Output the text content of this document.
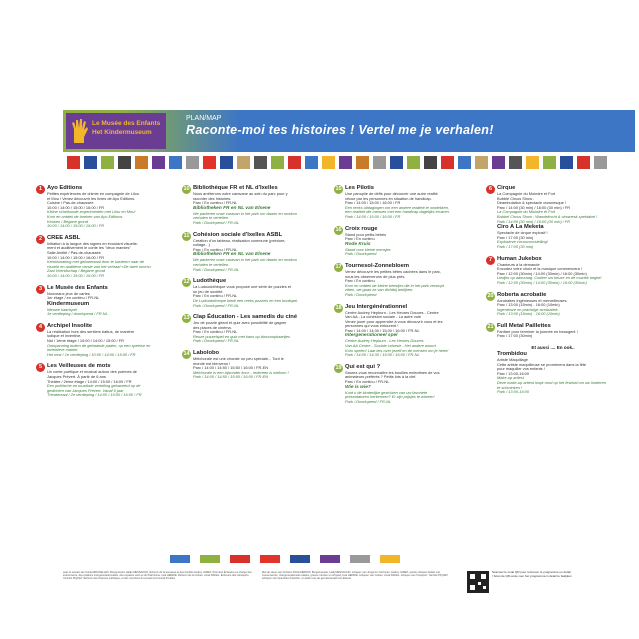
Le Musée des Enfants
Het Kindermuseum
PLAN/MAP
Raconte-moi tes histoires ! Vertel me je verhalen!
1 Ayo Editions
Petites expériences de chimie en compagnie de Lilou
et Mou ! Venez découvrir les livres de Ayo Editions.
Cuisine / Pas-de-chaussée
10:00 / 14:00 / 15:00 / 16:00 / FR
Kleine scheikunde-experimenten met Lilou en Mou!
Kom en ontdek de boeken van Ayo Editions.
Keuken / Begane grond
10:00 / 14:00 / 15:00 / 16:00 / FR
2 CREE ASBL
Initiation à la langue des signes en écoutant visuelle-
ment et auditivement le conte les "deux mamies"
Salle Amitié / Pas-de-chaussée
10:00 / 14:00 / 15:00 / 16:00 / FR
Kennismaking met gebarentaal door te luisteren naar de
visuele en auditieve versie van het verhaal «De twee oma's»
Zaal Vriendschap / Begane grond
10:00 / 14:00 / 15:00 / 16:00 / FR
3 Le Musée des Enfants
Nouveaux jeux de cartes
1er étage / en continu / FR-NL
Kindermuseum
Nieuwe kaartspel
1e verdieping / doorlopend / FR-NL
4 Archipel Insolite
La réalisation hors des sentiers battus, de manière
ludique et inventive.
Nid / 1ème étage / 10:00 / 14:00 / 15:00 / FR
Ontspanning buiten de gebaande paden, op een speelse en
inventieve manier.
Het nest / 1e verdieping / 10:00 / 14:00 / 15:00 / FR
5 Les Veilleuses de mots
Un conte poétique et musical autour des poèmes de
Jacques Prévert. À partir de 6 ans
Théâtre / 2ème étage / 14:00 / 15:00 / 16:00 / FR
Een poëtische en muzikale vertelling gebaseerd op de
gedichten van Jacques Prévert. Vanaf 6 jaar
Theaterzaal / 2e verdieping / 14:00 / 15:00 / 16:00 / FR
10 Bibliothèque FR et NL d'Ixelles
Nous arrêterons notre caravane au sein du parc pour y
raconter des histoires.
Parc / En continu / FR-NL
Bibliotheken FR en NL van Elsene
We parkeren onze caravan in het park om daarin en rondom
verhalen te vertellen.
Park / Doorlopend / FR-NL
11 Cohésion sociale d'Ixelles ASBL
Création d'un tableau, réalisation commune (peinture,
collage...)
Parc / En continu / FR-NL
Bibliotheken FR en NL van Elsene
We parkeren onze caravan in het park om daarin en rondom
verhalen te vertellen.
Park / Doorlopend / FR-NL
12 Ludothèque
La Ludoodothèque vous propose une série de puzzles et
un jeu de société.
Parc / En continu / FR-NL
De Ludoodotheque biedt een reeks puzzels en een bordspel.
Park / Doorlopend / FR-NL
13 Clap Éducation - Les samedis du ciné
Jeu de puzzle géant et quiz avec possibilité de gagner
des places de cinéma.
Parc / En continu / FR-NL
Reuze puzzelspel en quiz met kans op bioscoopkaartjes
Park / Doorlopend / FR-NL
14 Labolobo
Mélchorale est une chorale un peu spéciale... Tout le
monde est bienvenu !
Parc / 14:00 / 14:50 / 15:50 / 16:00 / FR-EN
Mélchorale is een bijzonder koor... iedereen is welkom !
Park / 14:00 / 14:50 / 15:50 / 16:00 / FR-EN
15 Les Pilotis
Une panoplie de défis pour découvrir une autre réalité
vécue par les personnes en situation de handicap.
Parc / 14:00 / 15:00 / 16:00 / FR
Een reeks uitdagingen om een andere realiteit te ontdekken,
een realiteit die mensen met een handicap dagelijks ervaren.
Park / 14:00 / 15:00 / 16:00 / FR
16 Croix rouge
Stand pour petits bébés
Parc / En continu
Rode Kruis
Stand voor kleine mensjes
Park / Doorlopend
17 Tournesol-Zonnebloem
Venez découvrir les petites bêtes cachées dans le parc,
nous les observerons de plus près.
Parc / En continu
Kom en ontdek de kleine beestjes die in het park verstopt
zitten, we gaan ze van dichtbij bekijken.
Park / Doorlopend
18 Jeu Intergénérationnel
Centre Audrey Hepburn - Les Heures Douces - Centre
Van AA - La cohésion sociale - La autre voie
Venez jouer pour apprendre à vous découvrir vous et les
personnes qui vous entourent !
Parc / 14:00 / 14:30 / 15:00 / 16:00 / FR-NL
Intergenerationeel spel
Centre Audrey Hepburn - Les Heures Douces
Van AA Centre - Sociale cohesie - Het andere woord
Kom spelen! Laat iets over jezelf en de mensen om je heen!
Park / 14:00 / 14:30 / 15:00 / 16:00 / FR-NL
19 Qui est qui ?
Saurez-vous reconnaître les bouilles enfantines de vos
animateurs préférés ? Petits lots à la clef.
Parc / En continu / FR-NL
Wie is wie?
Kunt u de kinderlijke gezichten van uw favoriete
presentatoren herkennen? Er zijn prijsjes te winnen!
Park / Doorlopend / FR-NL
6 Cirque
La Compagnie du Moindre et Fort
Bubble Circus Show :
Déambulation & spectacle clownesque !
Parc / 14:00 (30 min) / 16:00 (30 min) / FR
La Compagnie du Moindre et Fort
Bubbel Circus Show : Wandeltocht & clownesk spektakel !
Park / 14:00 (30 min) / 16:00 (30 min) / FR
Ciro A La Meketa
Spectacle de cirque explosif !
Parc / 17:00 (30 min)
Explosieve circusvoorstelling!
Park / 17:00 (30 min)
7 Human Jukebox
Chanteurs à la demande
Encodez votre choix et la musique commencera !
Parc / 12:00 (30min) / 14:00 (30min) / 16:00 (30min)
Liedjes op aanvraag. Codeer uw keuze en de muziek begint!
Park / 12:00 (30min) / 14:00 (30min) / 16:00 (30min)
20 Roberta acrobatie
Acrobaties ingénieuses et merveilleuses.
Parc / 13:00 (15min) - 16:00 (10min)
Ingenieuze en prachtige acrobatiek.
Park / 13:00 (15min) - 16:00 (10min)
21 Full Metal Paillettes
Fanfare pour terminer la journée en beaugent !
Parc / 17:00 (30min)
Et aussi .... En ook..
Trombidou
Artiste Maquillage
Cette artiste maquilleuse se promènera dans la fête
pour maquiller vos enfants !
Parc / 13:00-16:00
Make-up artiest
Deze make-up artiest loopt rond op het festival om uw kinderen
te schminken !
Park / 13:00-16:00
avec le soutien de Ovinka BRUXELLES, Bourgmestre Hadjo MESSAOUD, Échevin de la jeunesse et des familles Audrey JAMET, Première Échevine en charge des événements, des relations intergénérationnelles, des espaces verts et du Patrimoine, Issa HEDDIE, Échevin de la Culture, Amal DAKEL, Échevine des transports, Yannick PIQUET, Échevin des finances publiques, et des membres du conseil communal d'Ixelles
Met de steun van Christos DOULKERIDIS, Burgemeester, Hadj MESSAOUD, schepen van Jeugd en Gezinnen, Audrey JAMET, eerste schepen belast met evenementen, intergenerationele relaties, groene ruimten en erfgoed, Issa HEDDIE, schepen van Cultuur, Amal DAKEL, schepen van Transport, Yannick PIQUET, schepen van Openbare financiën, en leden van de gemeenteraad van Elsene
Scannez le code QR pour retrouver le programme en détail / Scan de QR-code voor het programma in detail te bekijken
